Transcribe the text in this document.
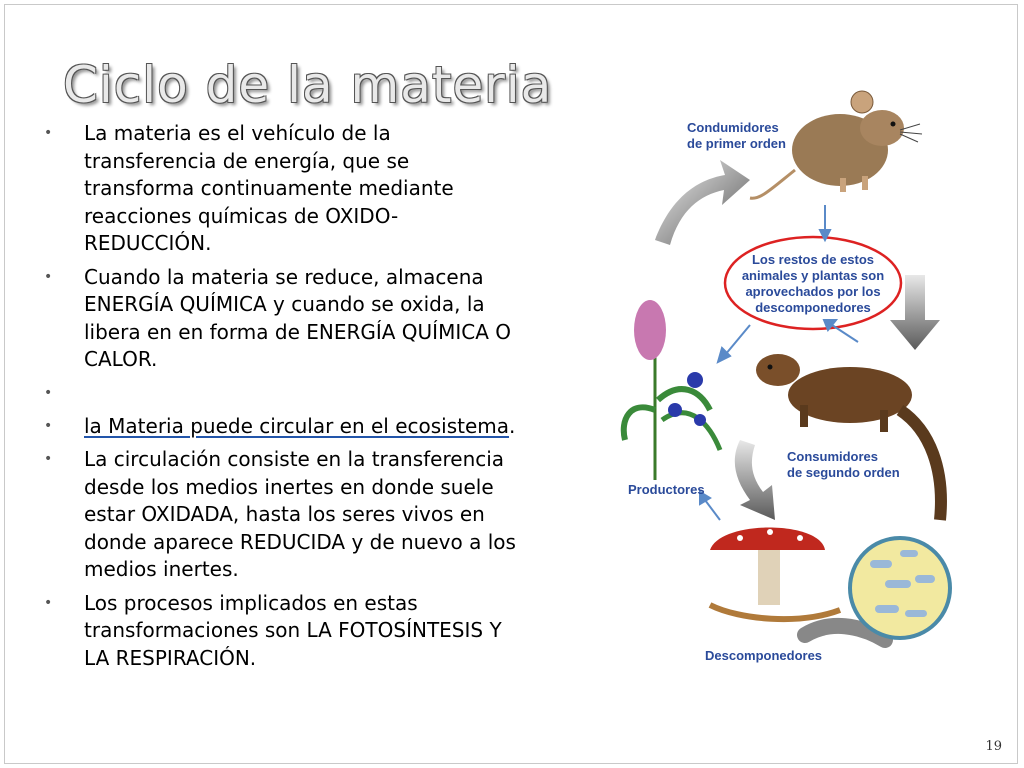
Ciclo de la materia
• La materia es el vehículo de la transferencia de energía, que se transforma continuamente mediante reacciones químicas de OXIDO-REDUCCIÓN.
• Cuando la materia se reduce, almacena ENERGÍA QUÍMICA y cuando se oxida, la libera en en forma de ENERGÍA QUÍMICA O CALOR.
•
• la Materia puede circular en el ecosistema.
• La circulación consiste en la transferencia desde los medios inertes en donde suele estar OXIDADA, hasta los seres vivos en donde aparece REDUCIDA y de nuevo a los medios inertes.
• Los procesos implicados en estas transformaciones son LA FOTOSÍNTESIS Y LA RESPIRACIÓN.
Condumidores
de primer orden
Los restos de estos
animales y plantas son
aprovechados por los
descomponedores
Productores
Consumidores
de segundo orden
Descomponedores
19
